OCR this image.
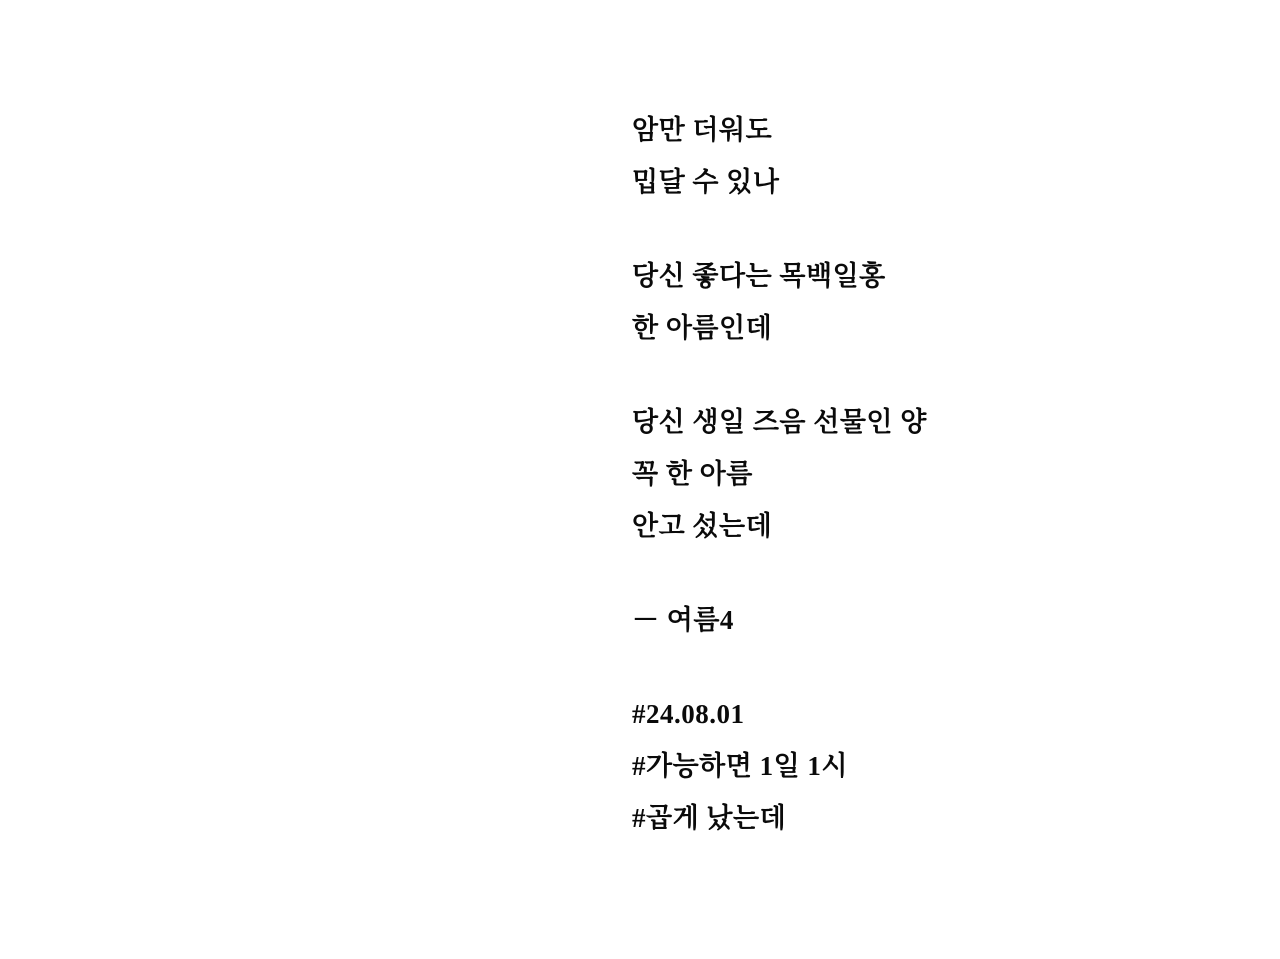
암만 더워도
밉달 수 있나
당신 좋다는 목백일홍
한 아름인데
당신 생일 즈음 선물인 양
꼭 한 아름
안고 섰는데
－ 여름4
#24.08.01
#가능하면 1일 1시
#곱게 났는데
